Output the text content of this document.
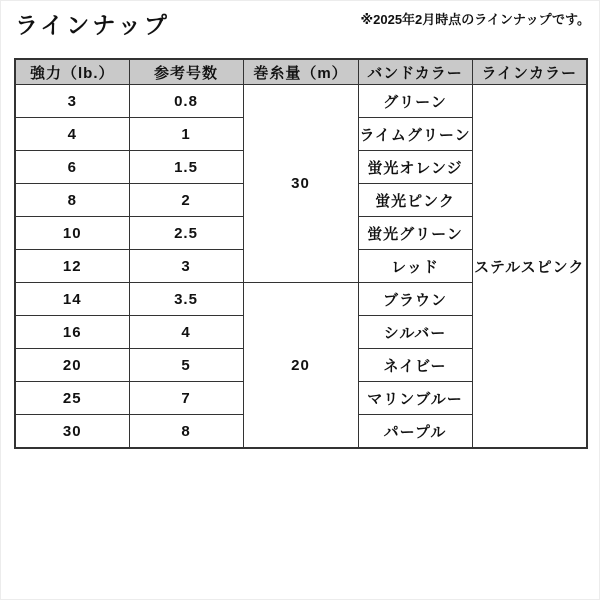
ラインナップ	※2025年2月時点のラインナップです。
強力（lb.）	参考号数	巻糸量（m）	バンドカラー	ラインカラー
3	0.8	30	グリーン	ステルスピンク
4	1		ライムグリーン	
6	1.5		蛍光オレンジ	
8	2		蛍光ピンク	
10	2.5		蛍光グリーン	
12	3		レッド	
14	3.5	20	ブラウン	
16	4		シルバー	
20	5		ネイビー	
25	7		マリンブルー	
30	8		パープル	
